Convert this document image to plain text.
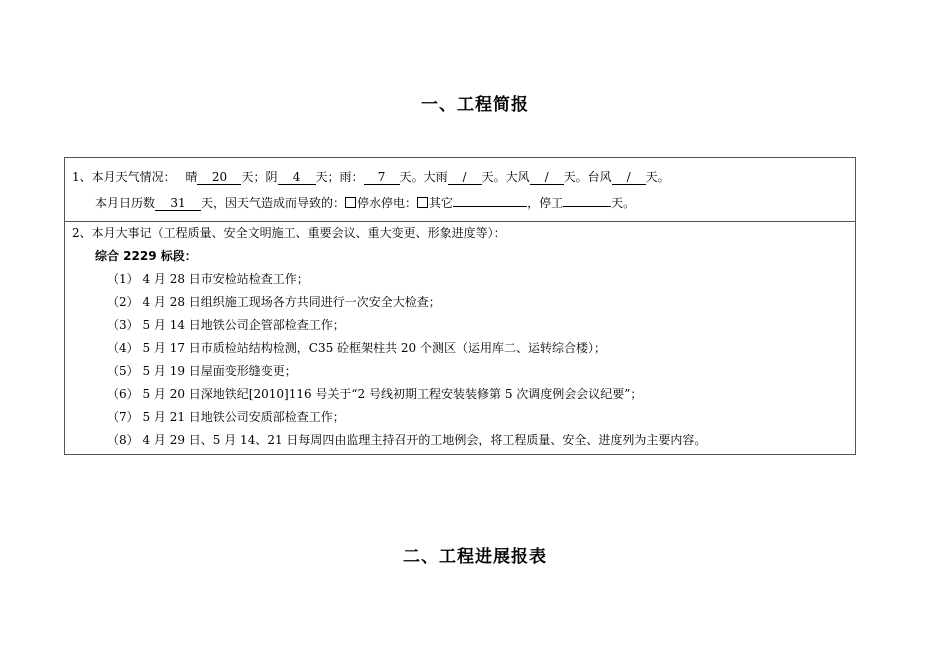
一、工程简报
1、本月天气情况： 晴 20 天；阴 4 天；雨： 7 天。大雨 / 天。大风 / 天。台风 / 天。
本月日历数 31 天，因天气造成而导致的： 停水停电： 其它	，停工	天。
2、本月大事记（工程质量、安全文明施工、重要会议、重大变更、形象进度等）：
综合 2229 标段：
（1） 4 月 28 日市安检站检查工作；
（2） 4 月 28 日组织施工现场各方共同进行一次安全大检查；
（3） 5 月 14 日地铁公司企管部检查工作；
（4） 5 月 17 日市质检站结构检测，C35 砼框架柱共 20 个测区（运用库二、运转综合楼）；
（5） 5 月 19 日屋面变形缝变更；
（6） 5 月 20 日深地铁纪[2010]116 号关于“2 号线初期工程安装装修第 5 次调度例会会议纪要”；
（7） 5 月 21 日地铁公司安质部检查工作；
（8） 4 月 29 日、5 月 14、21 日每周四由监理主持召开的工地例会，将工程质量、安全、进度列为主要内容。
二、工程进展报表
